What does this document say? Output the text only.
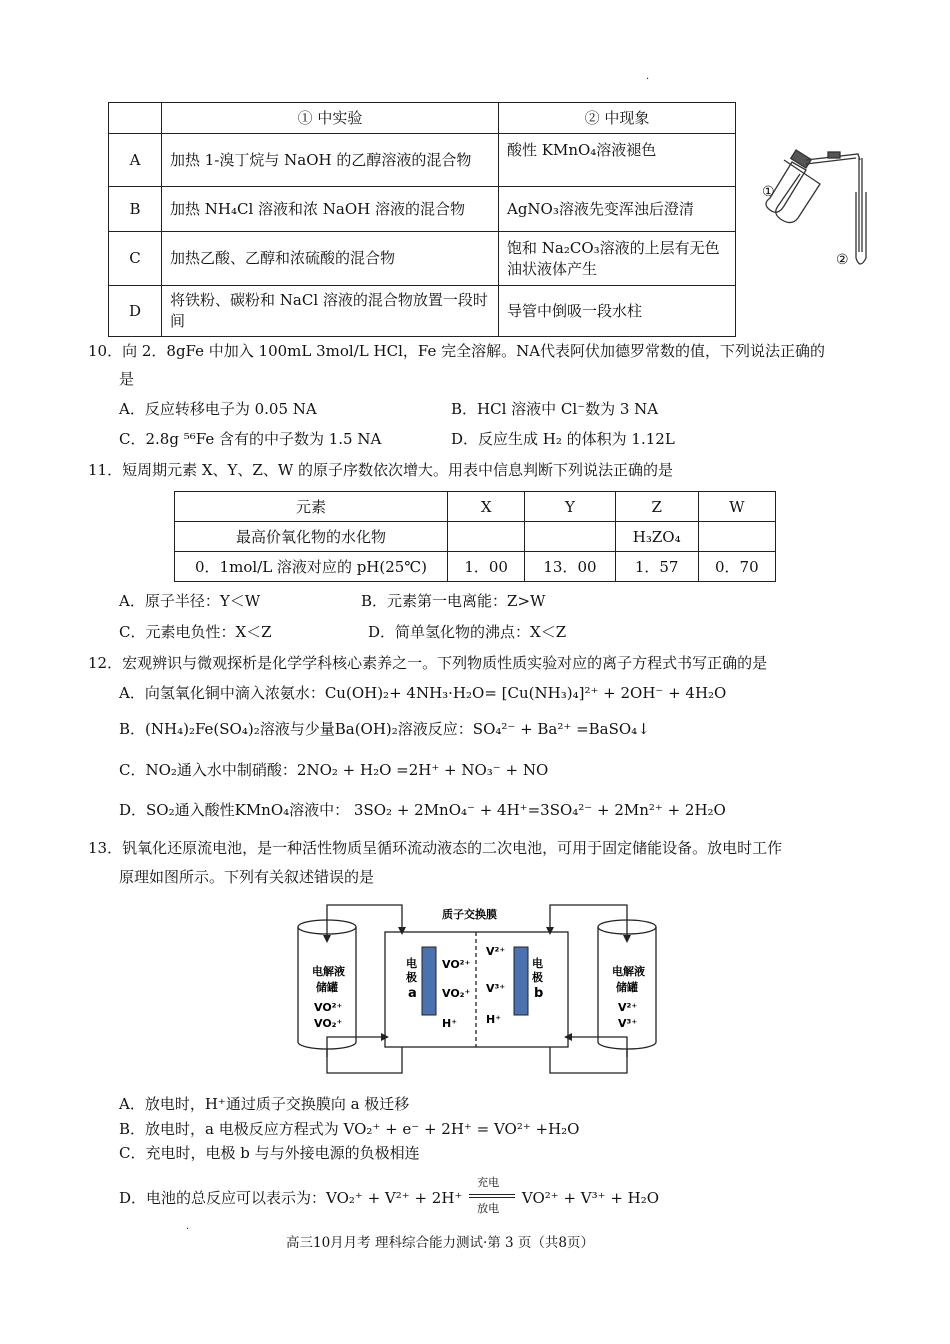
·
	① 中实验	② 中现象
A	加热 1-溴丁烷与 NaOH 的乙醇溶液的混合物	酸性 KMnO₄溶液褪色
B	加热 NH₄Cl 溶液和浓 NaOH 溶液的混合物	AgNO₃溶液先变浑浊后澄清
C	加热乙酸、乙醇和浓硫酸的混合物	饱和 Na₂CO₃溶液的上层有无色油状液体产生
D	将铁粉、碳粉和 NaCl 溶液的混合物放置一段时间	导管中倒吸一段水柱
①
②
10．向 2．8gFe 中加入 100mL 3mol/L HCl，Fe 完全溶解。NA代表阿伏加德罗常数的值，下列说法正确的
是
A．反应转移电子为 0.05 NA	B．HCl 溶液中 Cl⁻数为 3 NA
C．2.8g ⁵⁶Fe 含有的中子数为 1.5 NA	D．反应生成 H₂ 的体积为 1.12L
11．短周期元素 X、Y、Z、W 的原子序数依次增大。用表中信息判断下列说法正确的是
元素	X	Y	Z	W
最高价氧化物的水化物			H₃ZO₄	
0．1mol/L 溶液对应的 pH(25℃)	1．00	13．00	1．57	0．70
A．原子半径：Y＜W	B．元素第一电离能：Z>W
C．元素电负性：X＜Z	D．简单氢化物的沸点：X＜Z
12．宏观辨识与微观探析是化学学科核心素养之一。下列物质性质实验对应的离子方程式书写正确的是
A．向氢氧化铜中滴入浓氨水：Cu(OH)₂+ 4NH₃·H₂O= [Cu(NH₃)₄]²⁺ + 2OH⁻ + 4H₂O
B．(NH₄)₂Fe(SO₄)₂溶液与少量Ba(OH)₂溶液反应：SO₄²⁻ + Ba²⁺ =BaSO₄↓
C．NO₂通入水中制硝酸：2NO₂ + H₂O =2H⁺ + NO₃⁻ + NO
D．SO₂通入酸性KMnO₄溶液中： 3SO₂ + 2MnO₄⁻ + 4H⁺=3SO₄²⁻ + 2Mn²⁺ + 2H₂O
13．钒氧化还原流电池，是一种活性物质呈循环流动液态的二次电池，可用于固定储能设备。放电时工作
原理如图所示。下列有关叙述错误的是
质子交换膜
电解液
储罐
VO²⁺
VO₂⁺
电解液
储罐
V²⁺
V³⁺
电
极
a
电
极
b
VO²⁺
VO₂⁺
H⁺
V²⁺
V³⁺
H⁺
A．放电时，H⁺通过质子交换膜向 a 极迁移
B．放电时，a 电极反应方程式为 VO₂⁺ + e⁻ + 2H⁺ = VO²⁺ +H₂O
C．充电时，电极 b 与与外接电源的负极相连
D．电池的总反应可以表示为：VO₂⁺ + V²⁺ + 2H⁺
充电
放电
VO²⁺ + V³⁺ + H₂O
·
高三10月月考 理科综合能力测试·第 3 页（共8页）
